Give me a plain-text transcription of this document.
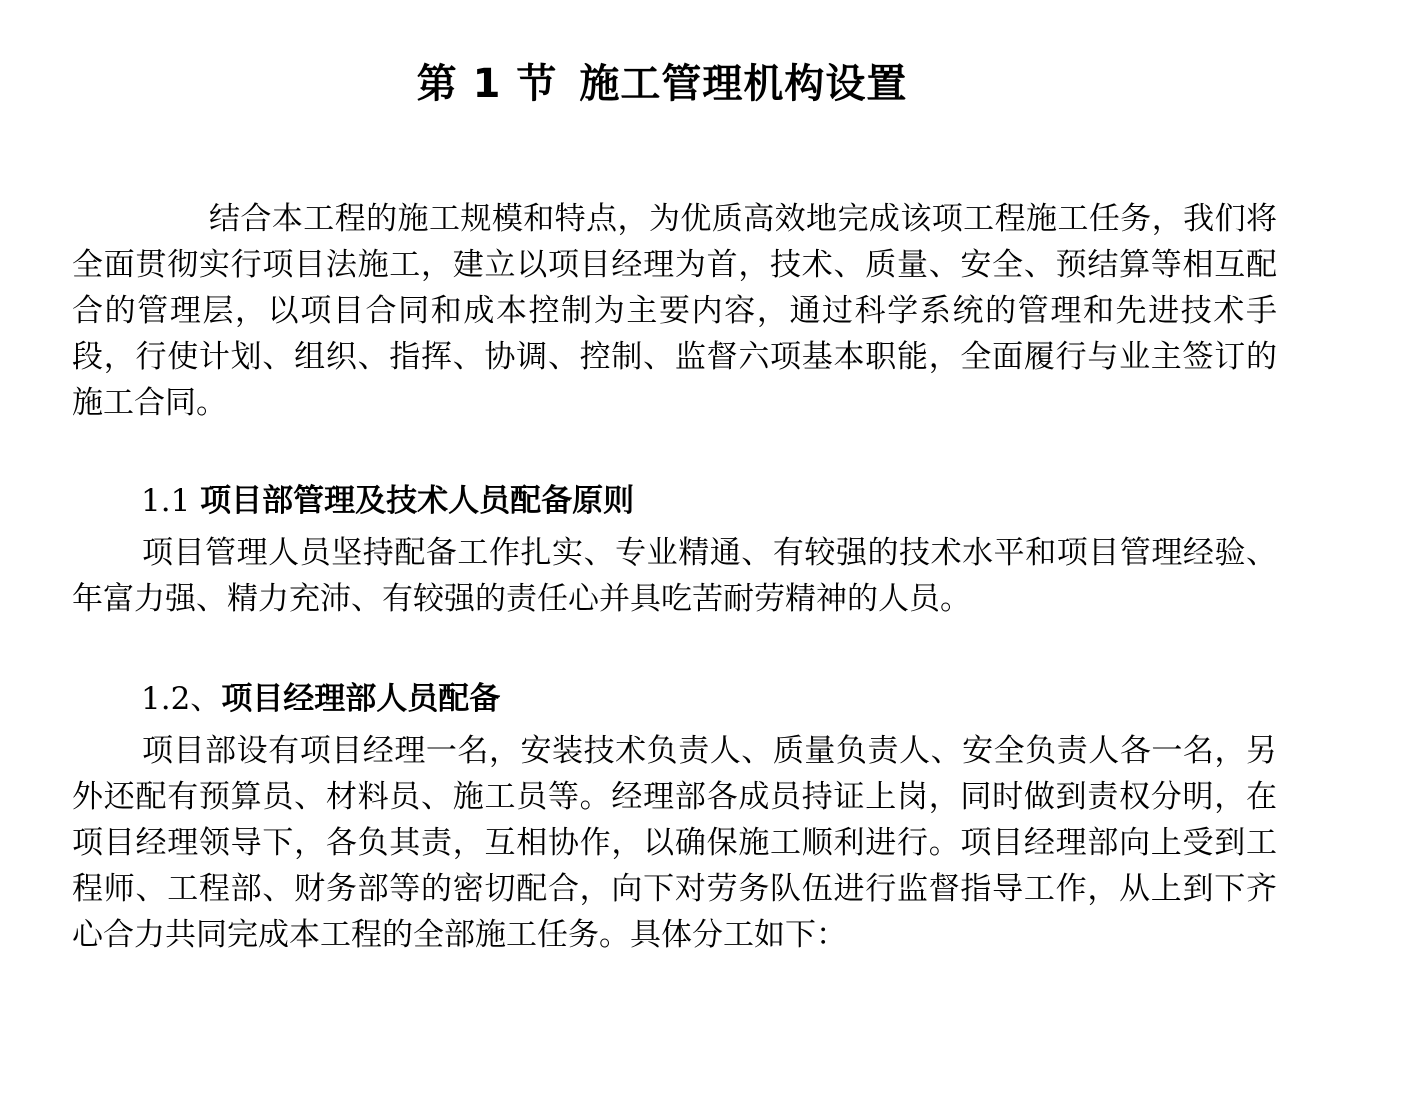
第 1 节 施工管理机构设置

结合本工程的施工规模和特点，为优质高效地完成该项工程施工任务，我们将全面贯彻实行项目法施工，建立以项目经理为首，技术、质量、安全、预结算等相互配合的管理层，以项目合同和成本控制为主要内容，通过科学系统的管理和先进技术手段，行使计划、组织、指挥、协调、控制、监督六项基本职能，全面履行与业主签订的施工合同。

1.1 项目部管理及技术人员配备原则

项目管理人员坚持配备工作扎实、专业精通、有较强的技术水平和项目管理经验、年富力强、精力充沛、有较强的责任心并具吃苦耐劳精神的人员。

1.2、项目经理部人员配备

项目部设有项目经理一名，安装技术负责人、质量负责人、安全负责人各一名，另外还配有预算员、材料员、施工员等。经理部各成员持证上岗，同时做到责权分明，在项目经理领导下，各负其责，互相协作，以确保施工顺利进行。项目经理部向上受到工程师、工程部、财务部等的密切配合，向下对劳务队伍进行监督指导工作，从上到下齐心合力共同完成本工程的全部施工任务。具体分工如下：
